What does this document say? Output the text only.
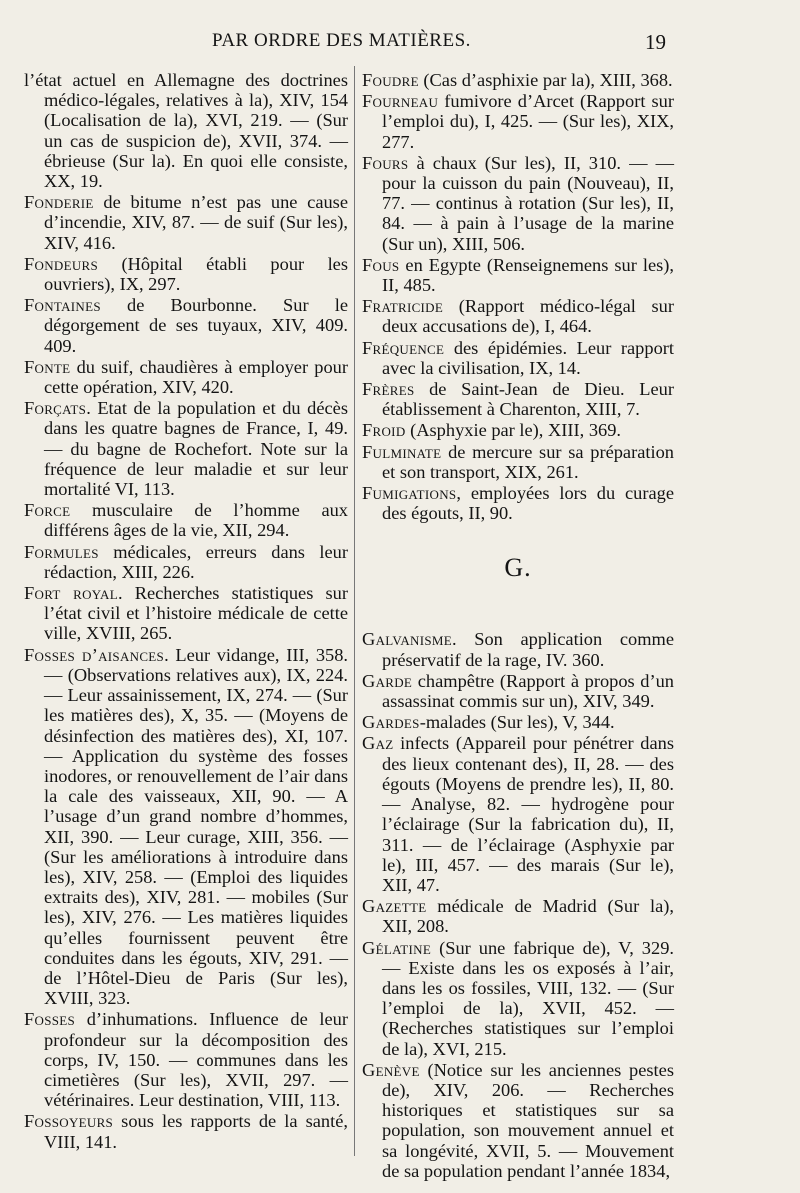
PAR ORDRE DES MATIÈRES.	19

l’état actuel en Allemagne des doctrines médico-légales, relatives à la), XIV, 154 (Localisation de la), XVI, 219. — (Sur un cas de suspicion de), XVII, 374. — ébrieuse (Sur la). En quoi elle consiste, XX, 19.

Fonderie de bitume n’est pas une cause d’incendie, XIV, 87. — de suif (Sur les), XIV, 416.

Fondeurs (Hôpital établi pour les ouvriers), IX, 297.

Fontaines de Bourbonne. Sur le dégorgement de ses tuyaux, XIV, 409. 409.

Fonte du suif, chaudières à employer pour cette opération, XIV, 420.

Forçats. Etat de la population et du décès dans les quatre bagnes de France, I, 49. — du bagne de Rochefort. Note sur la fréquence de leur maladie et sur leur mortalité VI, 113.

Force musculaire de l’homme aux différens âges de la vie, XII, 294.

Formules médicales, erreurs dans leur rédaction, XIII, 226.

Fort royal. Recherches statistiques sur l’état civil et l’histoire médicale de cette ville, XVIII, 265.

Fosses d’aisances. Leur vidange, III, 358. — (Observations relatives aux), IX, 224. — Leur assainissement, IX, 274. — (Sur les matières des), X, 35. — (Moyens de désinfection des matières des), XI, 107. — Application du système des fosses inodores, or renouvellement de l’air dans la cale des vaisseaux, XII, 90. — A l’usage d’un grand nombre d’hommes, XII, 390. — Leur curage, XIII, 356. — (Sur les améliorations à introduire dans les), XIV, 258. — (Emploi des liquides extraits des), XIV, 281. — mobiles (Sur les), XIV, 276. — Les matières liquides qu’elles fournissent peuvent être conduites dans les égouts, XIV, 291. — de l’Hôtel-Dieu de Paris (Sur les), XVIII, 323.

Fosses d’inhumations. Influence de leur profondeur sur la décomposition des corps, IV, 150. — communes dans les cimetières (Sur les), XVII, 297. — vétérinaires. Leur destination, VIII, 113.

Fossoyeurs sous les rapports de la santé, VIII, 141.

Foudre (Cas d’asphixie par la), XIII, 368.

Fourneau fumivore d’Arcet (Rapport sur l’emploi du), I, 425. — (Sur les), XIX, 277.

Fours à chaux (Sur les), II, 310. — — pour la cuisson du pain (Nouveau), II, 77. — continus à rotation (Sur les), II, 84. — à pain à l’usage de la marine (Sur un), XIII, 506.

Fous en Egypte (Renseignemens sur les), II, 485.

Fratricide (Rapport médico-légal sur deux accusations de), I, 464.

Fréquence des épidémies. Leur rapport avec la civilisation, IX, 14.

Frères de Saint-Jean de Dieu. Leur établissement à Charenton, XIII, 7.

Froid (Asphyxie par le), XIII, 369.

Fulminate de mercure sur sa préparation et son transport, XIX, 261.

Fumigations, employées lors du curage des égouts, II, 90.

G.

Galvanisme. Son application comme préservatif de la rage, IV. 360.

Garde champêtre (Rapport à propos d’un assassinat commis sur un), XIV, 349.

Gardes-malades (Sur les), V, 344.

Gaz infects (Appareil pour pénétrer dans des lieux contenant des), II, 28. — des égouts (Moyens de prendre les), II, 80. — Analyse, 82. — hydrogène pour l’éclairage (Sur la fabrication du), II, 311. — de l’éclairage (Asphyxie par le), III, 457. — des marais (Sur le), XII, 47.

Gazette médicale de Madrid (Sur la), XII, 208.

Gélatine (Sur une fabrique de), V, 329. — Existe dans les os exposés à l’air, dans les os fossiles, VIII, 132. — (Sur l’emploi de la), XVII, 452. — (Recherches statistiques sur l’emploi de la), XVI, 215.

Genève (Notice sur les anciennes pestes de), XIV, 206. — Recherches historiques et statistiques sur sa population, son mouvement annuel et sa longévité, XVII, 5. — Mouvement de sa population pendant l’année 1834,
